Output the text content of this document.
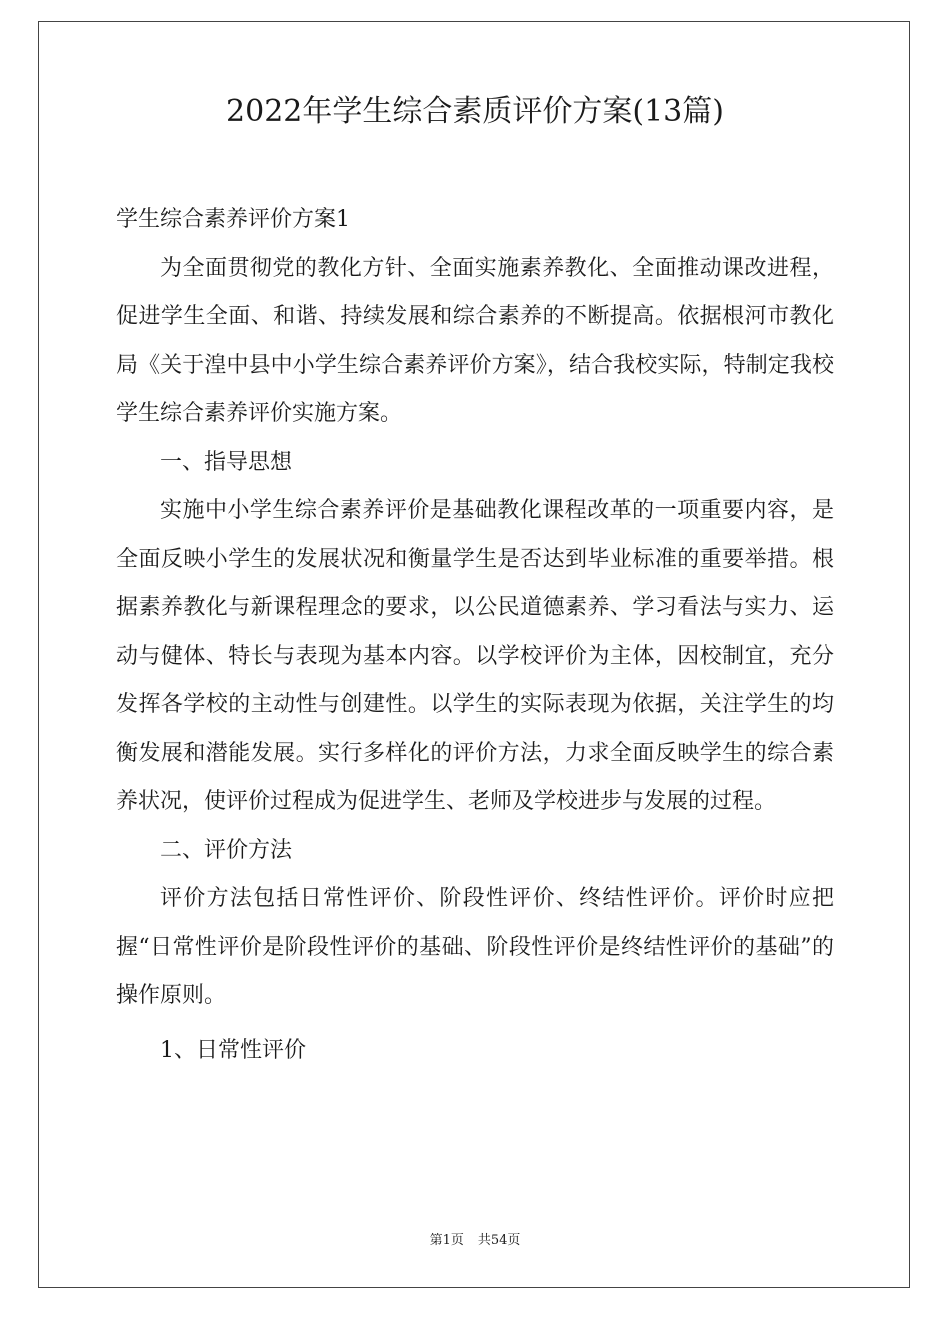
2022年学生综合素质评价方案(13篇)

学生综合素养评价方案1

为全面贯彻党的教化方针、全面实施素养教化、全面推动课改进程，促进学生全面、和谐、持续发展和综合素养的不断提高。依据根河市教化局《关于湟中县中小学生综合素养评价方案》，结合我校实际，特制定我校学生综合素养评价实施方案。

一、指导思想

实施中小学生综合素养评价是基础教化课程改革的一项重要内容，是全面反映小学生的发展状况和衡量学生是否达到毕业标准的重要举措。根据素养教化与新课程理念的要求，以公民道德素养、学习看法与实力、运动与健体、特长与表现为基本内容。以学校评价为主体，因校制宜，充分发挥各学校的主动性与创建性。以学生的实际表现为依据，关注学生的均衡发展和潜能发展。实行多样化的评价方法，力求全面反映学生的综合素养状况，使评价过程成为促进学生、老师及学校进步与发展的过程。

二、评价方法

评价方法包括日常性评价、阶段性评价、终结性评价。评价时应把握“日常性评价是阶段性评价的基础、阶段性评价是终结性评价的基础”的操作原则。

1、日常性评价

第1页 共54页
